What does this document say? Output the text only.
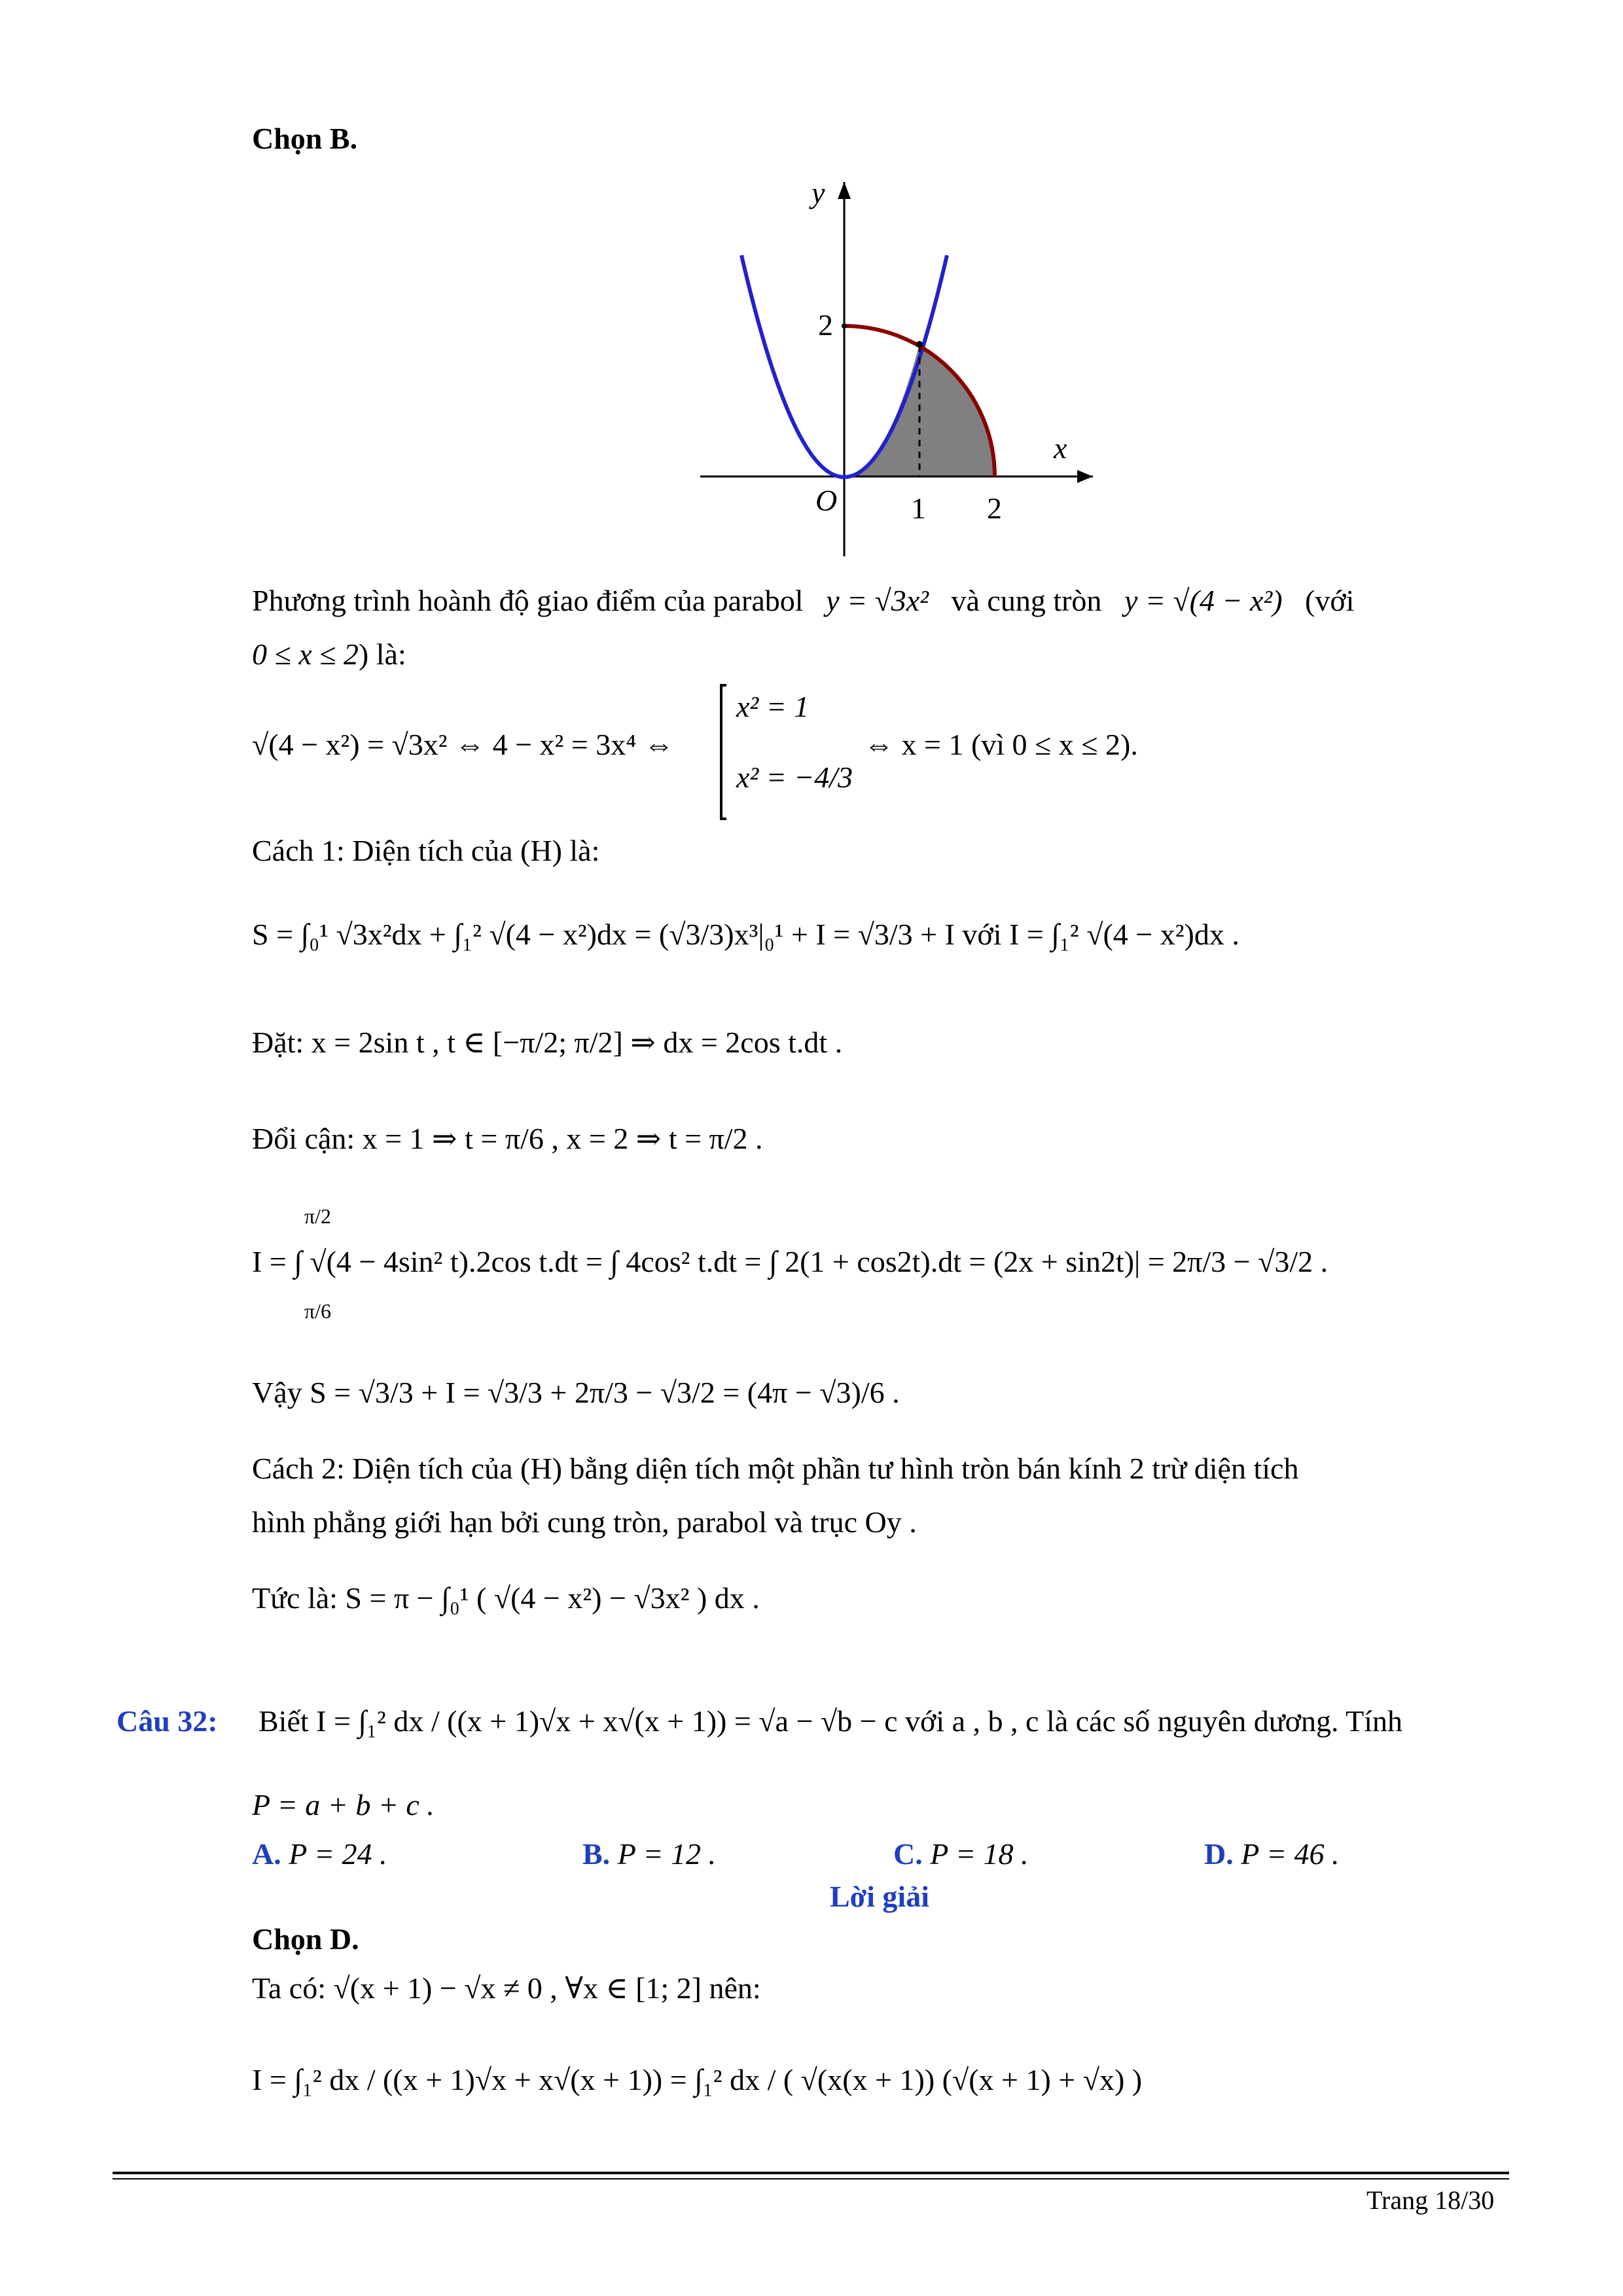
Chọn B.
y
x
O 1 2
2
Phương trình hoành độ giao điểm của parabol y = √3x² và cung tròn y = √(4 − x²) (với
0 ≤ x ≤ 2) là:
√(4 − x²) = √3x² ⇔ 4 − x² = 3x⁴ ⇔
x² = 1
x² = −4/3
⇔ x = 1 (vì 0 ≤ x ≤ 2).
Cách 1: Diện tích của (H) là:
S = ∫₀¹ √3x²dx + ∫₁² √(4 − x²)dx = (√3/3)x³|₀¹ + I = √3/3 + I với I = ∫₁² √(4 − x²)dx .
Đặt: x = 2sin t , t ∈ [−π/2; π/2] ⇒ dx = 2cos t.dt .
Đổi cận: x = 1 ⇒ t = π/6 , x = 2 ⇒ t = π/2 .
π/2
I = ∫ √(4 − 4sin² t).2cos t.dt = ∫ 4cos² t.dt = ∫ 2(1 + cos2t).dt = (2x + sin2t)| = 2π/3 − √3/2 .
π/6
Vậy S = √3/3 + I = √3/3 + 2π/3 − √3/2 = (4π − √3)/6 .
Cách 2: Diện tích của (H) bằng diện tích một phần tư hình tròn bán kính 2 trừ diện tích
hình phẳng giới hạn bởi cung tròn, parabol và trục Oy .
Tức là: S = π − ∫₀¹ ( √(4 − x²) − √3x² ) dx .
Câu 32: Biết I = ∫₁² dx / ((x + 1)√x + x√(x + 1)) = √a − √b − c với a , b , c là các số nguyên dương. Tính
P = a + b + c .
A. P = 24 .	B. P = 12 .	C. P = 18 .	D. P = 46 .
Lời giải
Chọn D.
Ta có: √(x + 1) − √x ≠ 0 , ∀x ∈ [1; 2] nên:
I = ∫₁² dx / ((x + 1)√x + x√(x + 1)) = ∫₁² dx / ( √(x(x + 1)) (√(x + 1) + √x) )
Trang 18/30
